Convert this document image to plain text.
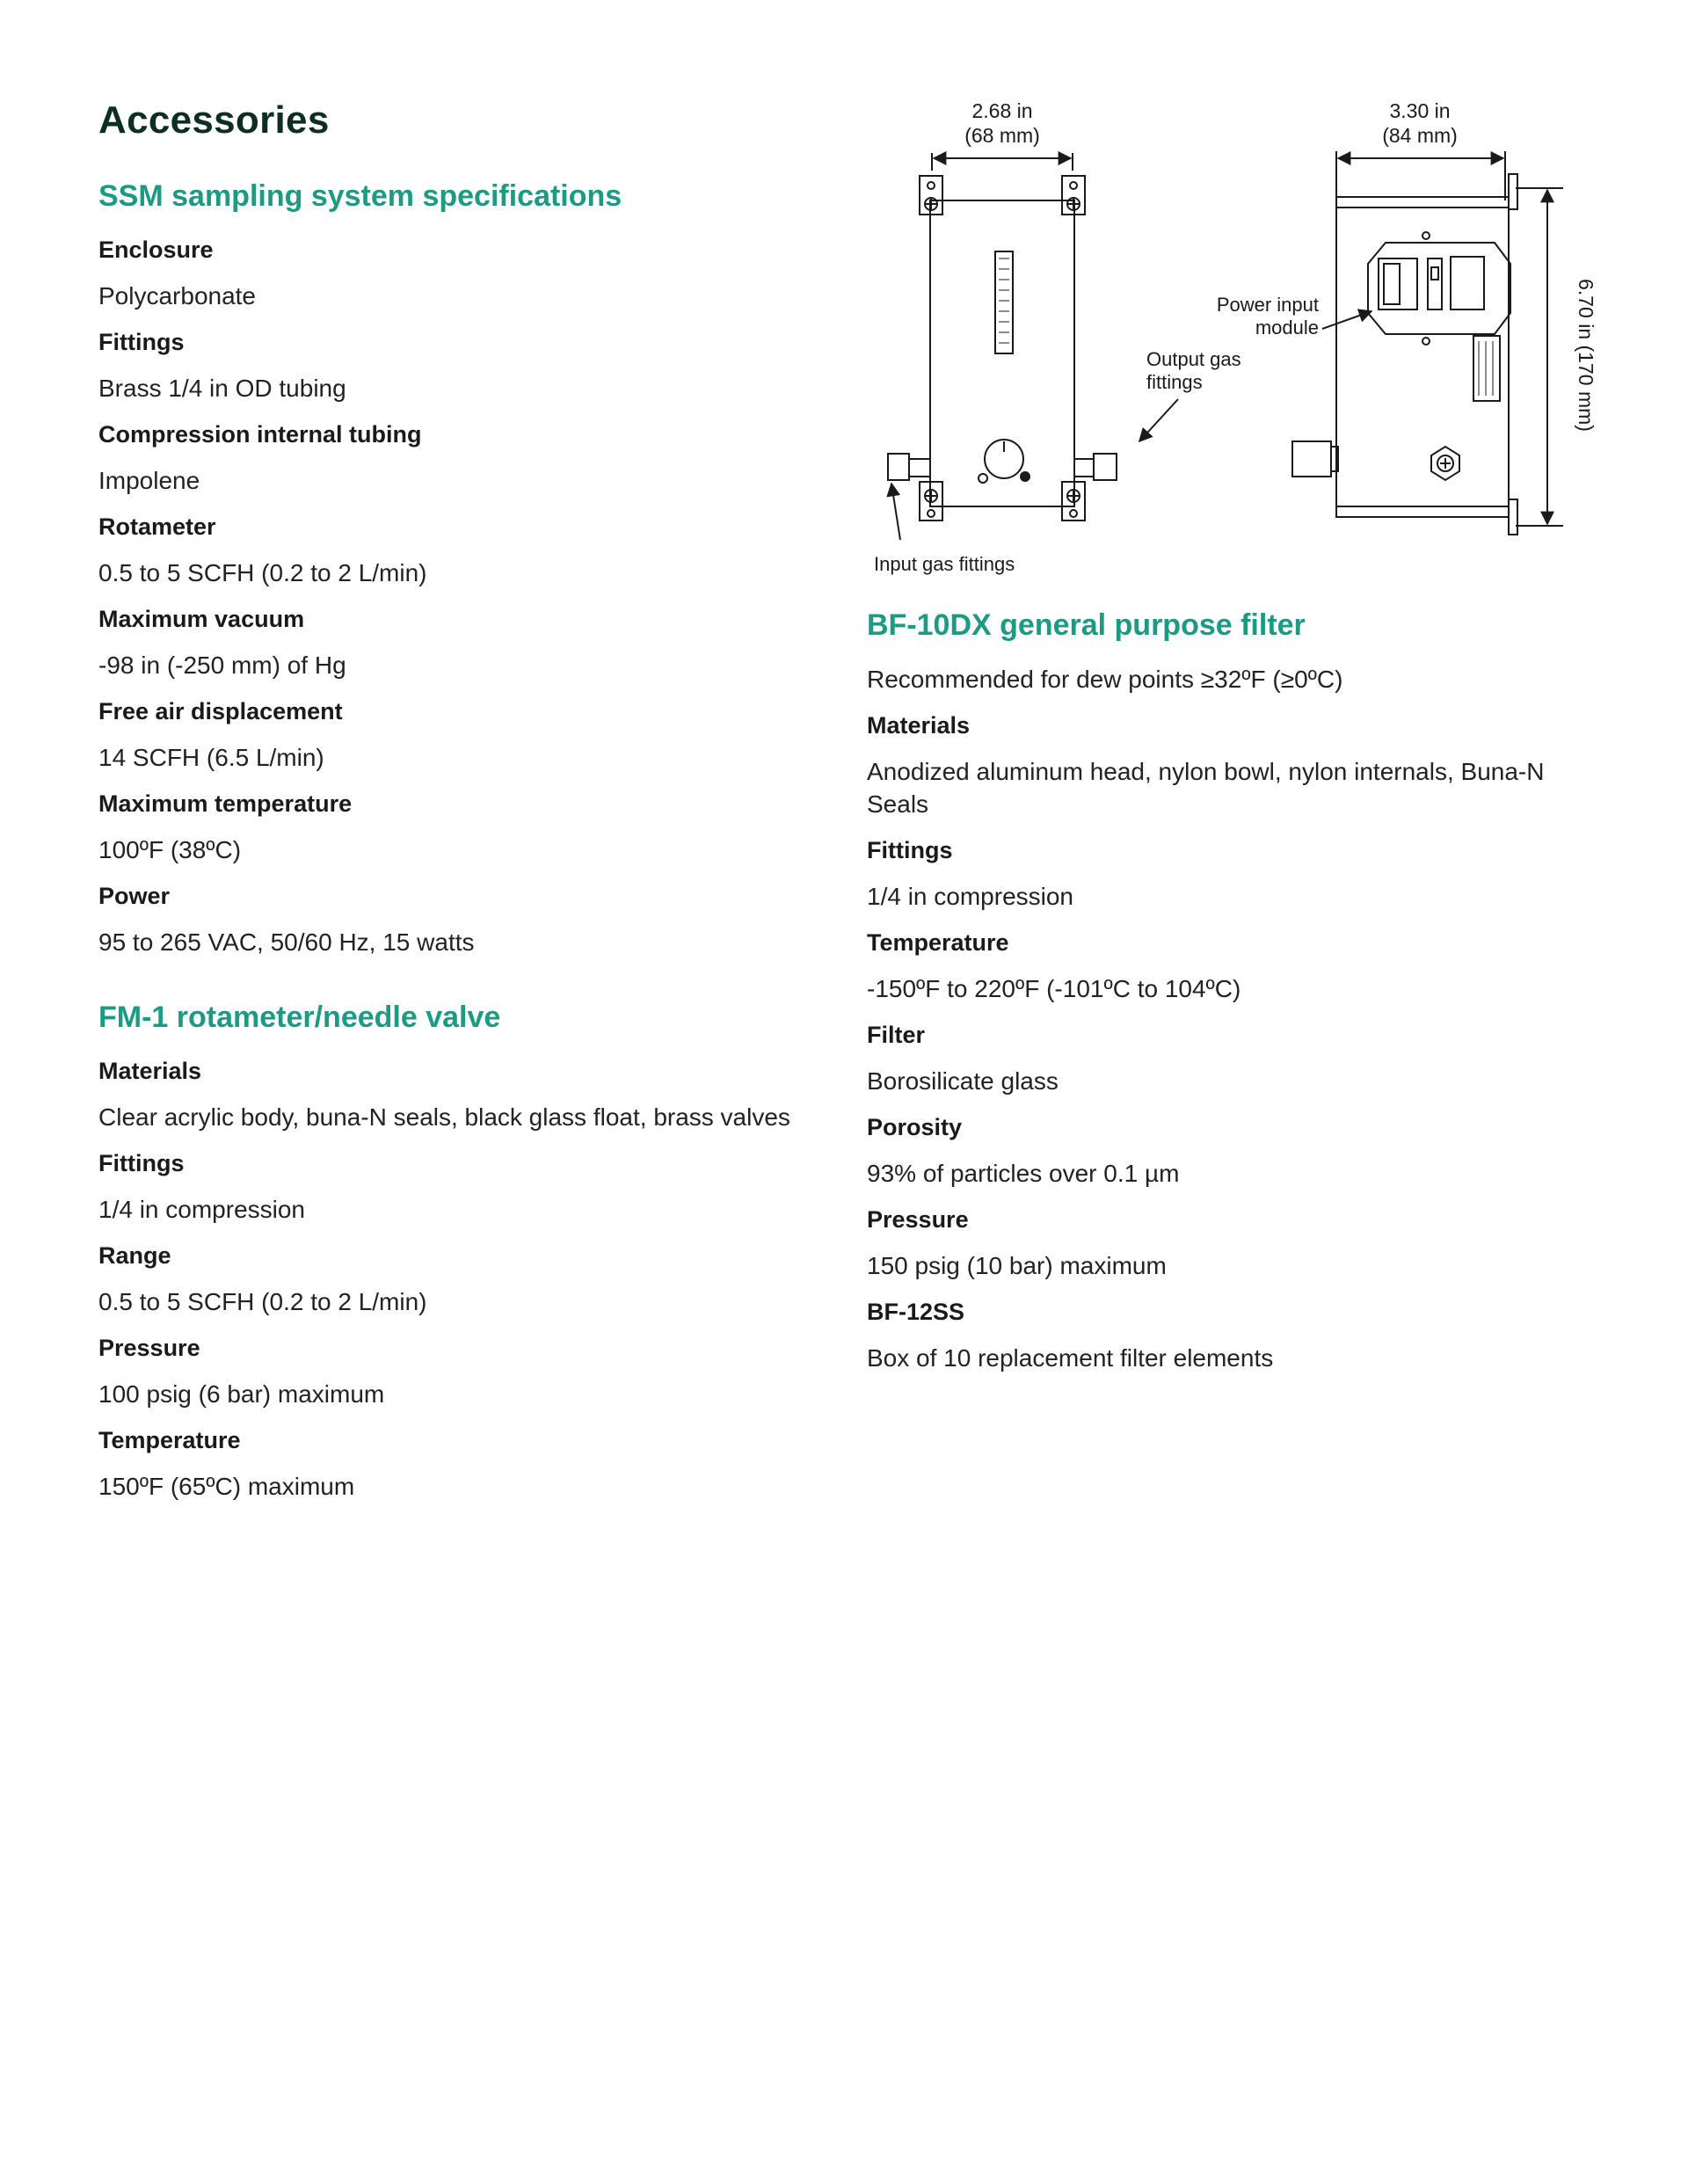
Accessories
SSM sampling system specifications

Enclosure

Polycarbonate

Fittings

Brass 1/4 in OD tubing

Compression internal tubing

Impolene

Rotameter

0.5 to 5 SCFH (0.2 to 2 L/min)

Maximum vacuum

-98 in (-250 mm) of Hg

Free air displacement

14 SCFH (6.5 L/min)

Maximum temperature

100ºF (38ºC)

Power

95 to 265 VAC, 50/60 Hz, 15 watts

FM-1 rotameter/needle valve

Materials

Clear acrylic body, buna-N seals, black glass float, brass valves

Fittings

1/4 in compression

Range

0.5 to 5 SCFH (0.2 to 2 L/min)

Pressure

100 psig (6 bar) maximum

Temperature

150ºF (65ºC) maximum

2.68 in
(68 mm)
3.30 in
(84 mm)
6.70 in (170 mm)
Power input
module
Output gas
fittings
Input gas fittings
BF-10DX general purpose filter

Recommended for dew points ≥32ºF (≥0ºC)

Materials

Anodized aluminum head, nylon bowl, nylon internals, Buna-N Seals

Fittings

1/4 in compression

Temperature

-150ºF to 220ºF (-101ºC to 104ºC)

Filter

Borosilicate glass

Porosity

93% of particles over 0.1 µm

Pressure

150 psig (10 bar) maximum

BF-12SS

Box of 10 replacement filter elements
